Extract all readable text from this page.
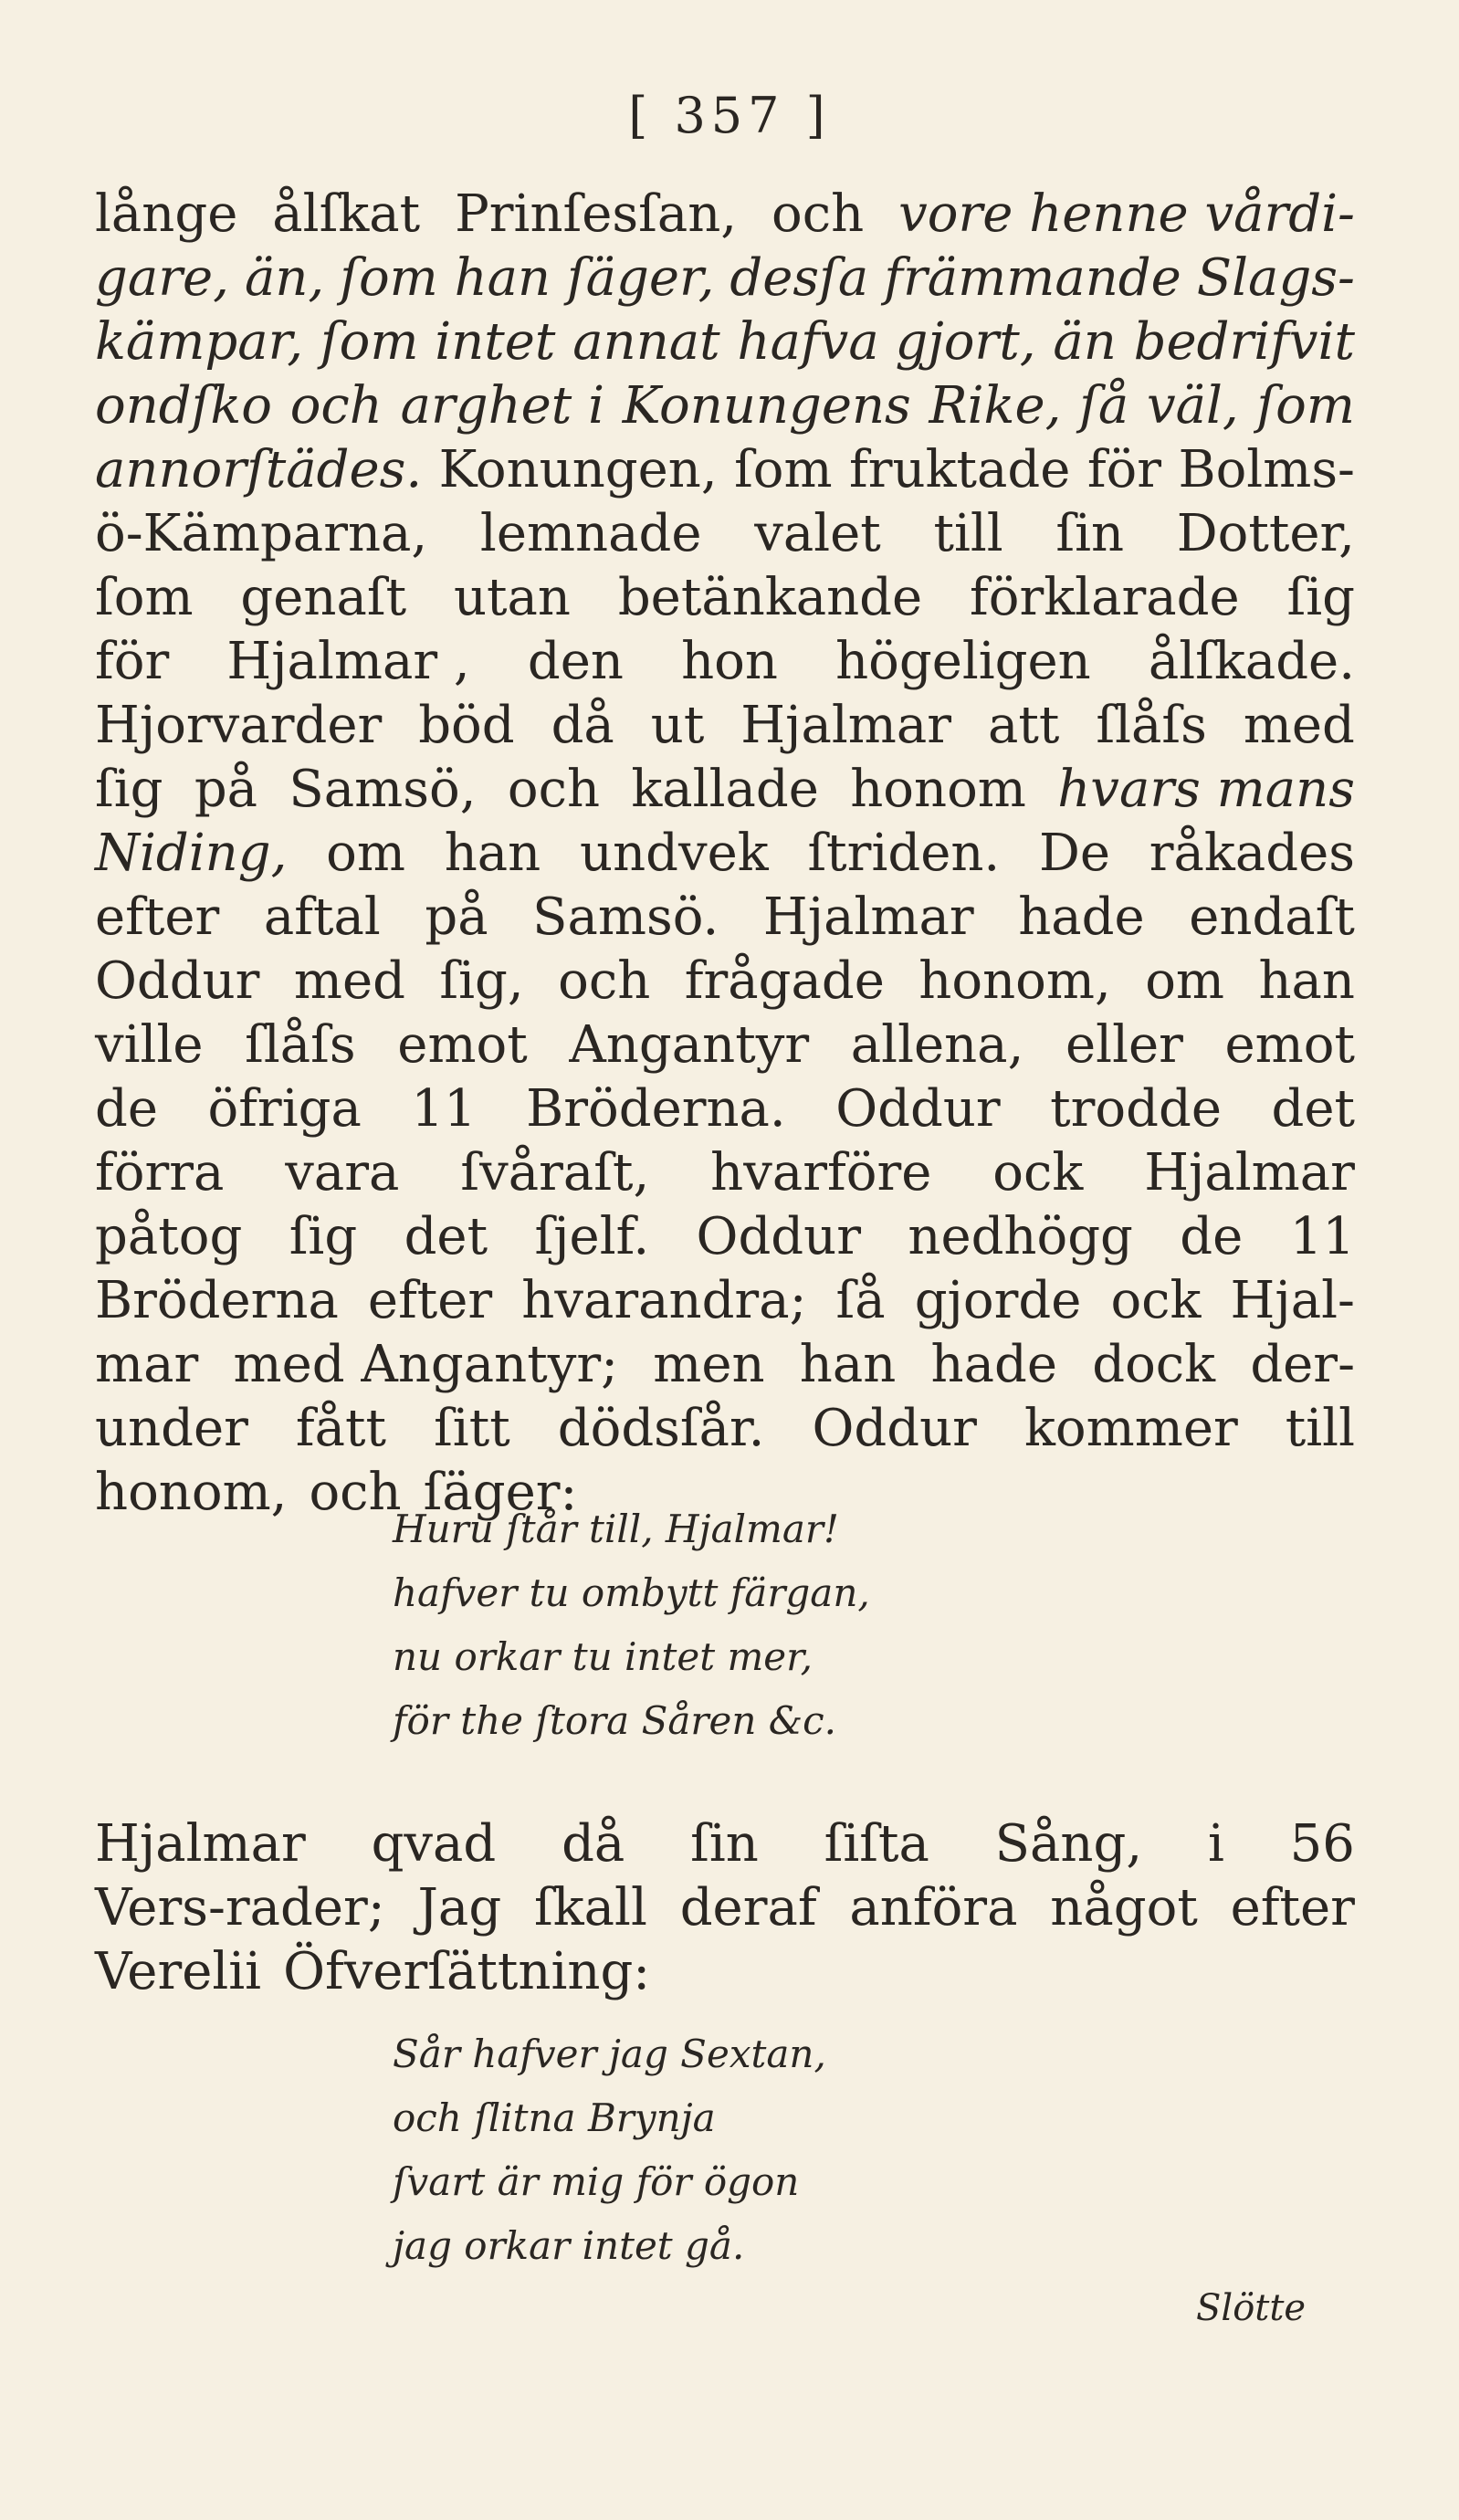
[ 357 ]
långe ålſkat Prinſesſan, och vore henne vårdi-
gare, än, ſom han ſäger, desſa främmande Slags-
kämpar, ſom intet annat hafva gjort, än bedrifvit
ondſko och arghet i Konungens Rike, ſå väl, ſom
annorſtädes. Konungen, ſom fruktade för Bolms-
ö-Kämparna, lemnade valet till ſin Dotter,
ſom genaſt utan betänkande förklarade ſig
för Hjalmar , den hon högeligen ålſkade.
Hjorvarder böd då ut Hjalmar att ſlåſs med
ſig på Samsö, och kallade honom hvars mans
Niding, om han undvek ſtriden. De råkades
efter aftal på Samsö. Hjalmar hade endaſt
Oddur med ſig, och frågade honom, om han
ville ſlåſs emot Angantyr allena, eller emot
de öfriga 11 Bröderna. Oddur trodde det
förra vara ſvåraſt, hvarföre ock Hjalmar
påtog ſig det ſjelf. Oddur nedhögg de 11
Bröderna efter hvarandra; ſå gjorde ock Hjal-
mar med Angantyr; men han hade dock der-
under fått ſitt dödsſår. Oddur kommer till
honom, och ſäger:
Huru ſtår till, Hjalmar!
hafver tu ombytt färgan,
nu orkar tu intet mer,
för the ſtora Såren &c.
Hjalmar qvad då ſin ſiſta Sång, i 56
Vers-rader; Jag ſkall deraf anföra något efter
Verelii Öfverſättning:
Sår hafver jag Sextan,
och ſlitna Brynja
ſvart är mig för ögon
jag orkar intet gå.
Slötte
